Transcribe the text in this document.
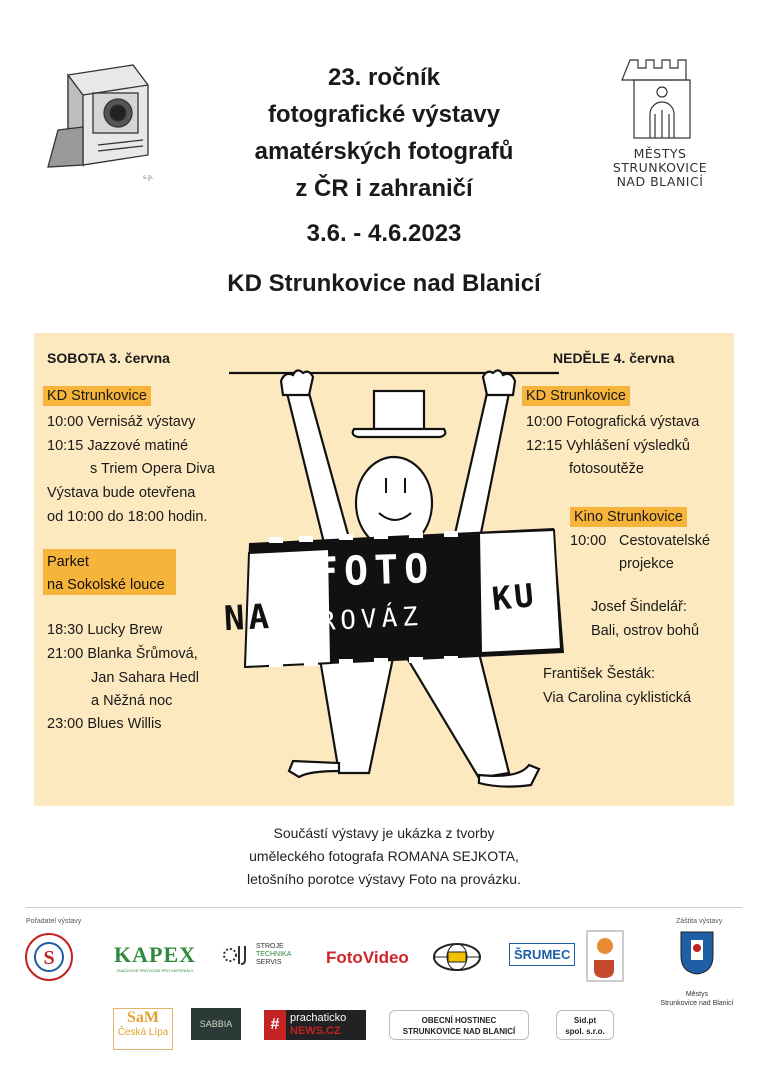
s.p.
23. ročník
fotografické výstavy
amatérských fotografů
z ČR i zahraničí
3.6. - 4.6.2023
KD Strunkovice nad Blanicí
MĚSTYS
STRUNKOVICE
NAD BLANICÍ
FOTO
NA PROVÁZ
KU
SOBOTA 3. června
KD Strunkovice
10:00 Vernisáž výstavy
10:15 Jazzové matiné
s Triem Opera Diva
Výstava bude otevřena
od 10:00 do 18:00 hodin.
Parket
na Sokolské louce
18:30 Lucky Brew
21:00 Blanka Šrůmová,
Jan Sahara Hedl
a Něžná noc
23:00 Blues Willis
NEDĚLE 4. června
KD Strunkovice
10:00 Fotografická výstava
12:15 Vyhlášení výsledků
fotosoutěže
Kino Strunkovice
10:00 Cestovatelské
projekce
Josef Šindelář:
Bali, ostrov bohů
František Šesták:
Via Carolina cyklistická
Součástí výstavy je ukázka z tvorby
uměleckého fotografa ROMANA SEJKOTA,
letošního porotce výstavy Foto na provázku.
Pořadatel výstavy	Záštita výstavy
S	KAPEX
ZNAČKOVÉ PROVOZNÍ PRO MATERIÁLY
STROJE
TECHNIKA
SERVIS	FotoVideo	ŠRUMEC
Městys
Strunkovice nad Blanicí
SaM
Česká Lípa
SABBIA	# prachaticko
NEWS.CZ
OBECNÍ HOSTINEC
STRUNKOVICE NAD BLANICÍ
Sid.pt
spol. s.r.o.
